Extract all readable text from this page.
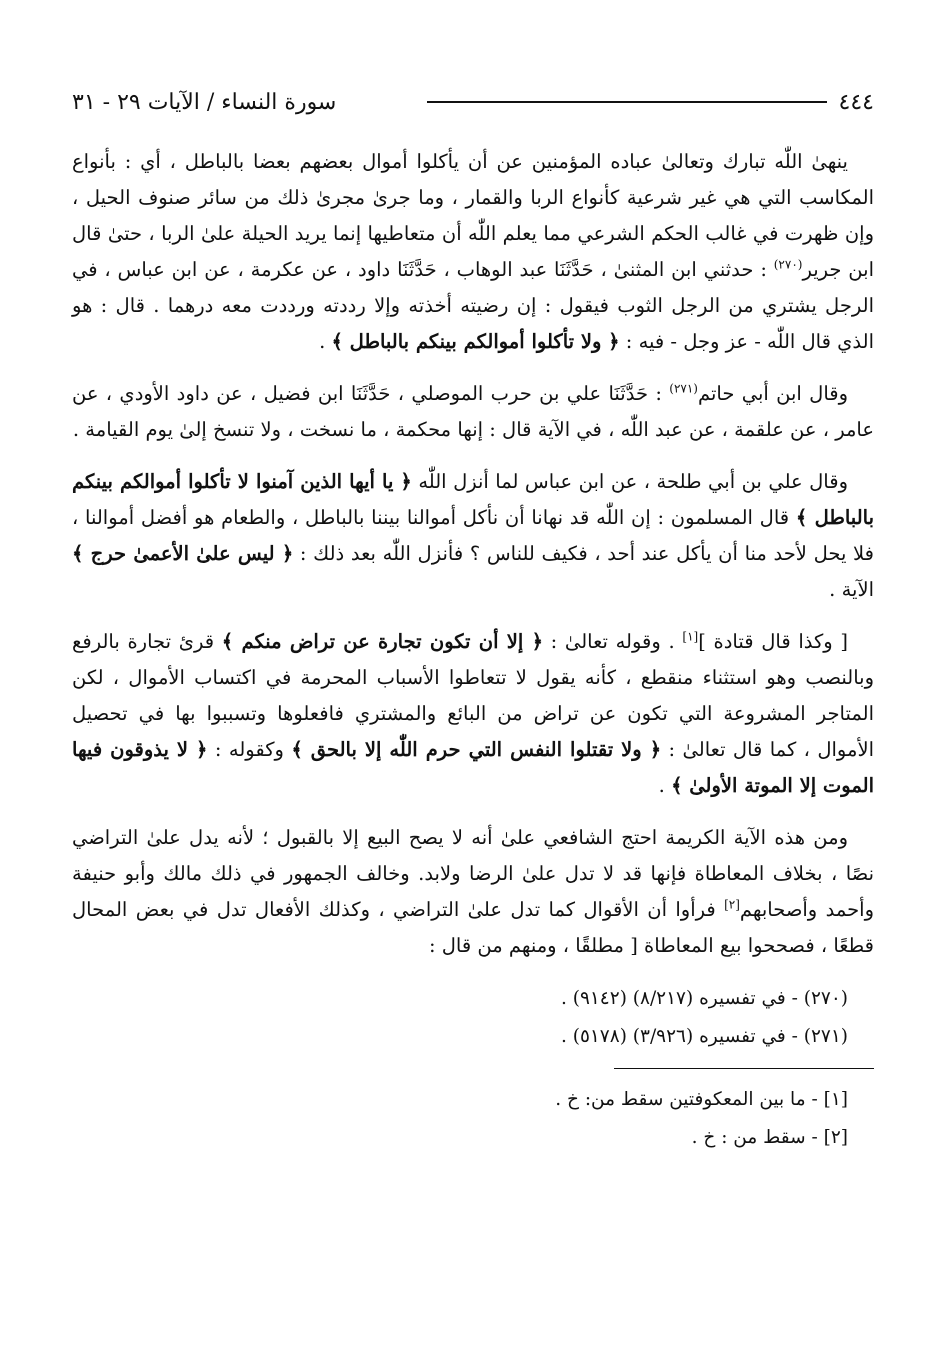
٤٤٤
سورة النساء / الآيات ٢٩ - ٣١

ينهىٰ اللّٰه تبارك وتعالىٰ عباده المؤمنين عن أن يأكلوا أموال بعضهم بعضا بالباطل ، أي : بأنواع المكاسب التي هي غير شرعية كأنواع الربا والقمار ، وما جرىٰ مجرىٰ ذلك من سائر صنوف الحيل ، وإن ظهرت في غالب الحكم الشرعي مما يعلم اللّٰه أن متعاطيها إنما يريد الحيلة علىٰ الربا ، حتىٰ قال ابن جرير$^{(٢٧٠)}$ : حدثني ابن المثنىٰ ، حَدَّثَنَا عبد الوهاب ، حَدَّثَنَا داود ، عن عكرمة ، عن ابن عباس ، في الرجل يشتري من الرجل الثوب فيقول : إن رضيته أخذته وإلا رددته ورددت معه درهما . قال : هو الذي قال اللّٰه - عز وجل - فيه : ﴿ ولا تأكلوا أموالكم بينكم بالباطل ﴾ .

وقال ابن أبي حاتم$^{(٢٧١)}$ : حَدَّثَنَا علي بن حرب الموصلي ، حَدَّثَنَا ابن فضيل ، عن داود الأودي ، عن عامر ، عن علقمة ، عن عبد اللّٰه ، في الآية قال : إنها محكمة ، ما نسخت ، ولا تنسخ إلىٰ يوم القيامة .

وقال علي بن أبي طلحة ، عن ابن عباس لما أنزل اللّٰه ﴿ يا أيها الذين آمنوا لا تأكلوا أموالكم بينكم بالباطل ﴾ قال المسلمون : إن اللّٰه قد نهانا أن نأكل أموالنا بيننا بالباطل ، والطعام هو أفضل أموالنا ، فلا يحل لأحد منا أن يأكل عند أحد ، فكيف للناس ؟ فأنزل اللّٰه بعد ذلك : ﴿ ليس علىٰ الأعمىٰ حرج ﴾ الآية .

[ وكذا قال قتادة ][١] . وقوله تعالىٰ : ﴿ إلا أن تكون تجارة عن تراض منكم ﴾ قرئ تجارة بالرفع وبالنصب وهو استثناء منقطع ، كأنه يقول لا تتعاطوا الأسباب المحرمة في اكتساب الأموال ، لكن المتاجر المشروعة التي تكون عن تراض من البائع والمشتري فافعلوها وتسببوا بها في تحصيل الأموال ، كما قال تعالىٰ : ﴿ ولا تقتلوا النفس التي حرم اللّٰه إلا بالحق ﴾ وكقوله : ﴿ لا يذوقون فيها الموت إلا الموتة الأولىٰ ﴾ .

ومن هذه الآية الكريمة احتج الشافعي علىٰ أنه لا يصح البيع إلا بالقبول ؛ لأنه يدل علىٰ التراضي نصًا ، بخلاف المعاطاة فإنها قد لا تدل علىٰ الرضا ولابد. وخالف الجمهور في ذلك مالك وأبو حنيفة وأحمد وأصحابهم[٢] فرأوا أن الأقوال كما تدل علىٰ التراضي ، وكذلك الأفعال تدل في بعض المحال قطعًا ، فصححوا بيع المعاطاة [ مطلقًا ، ومنهم من قال :

(٢٧٠) - في تفسيره (٨/٢١٧) (٩١٤٢) .
(٢٧١) - في تفسيره (٣/٩٢٦) (٥١٧٨) .
[١] - ما بين المعكوفتين سقط من: خ .
[٢] - سقط من : خ .
